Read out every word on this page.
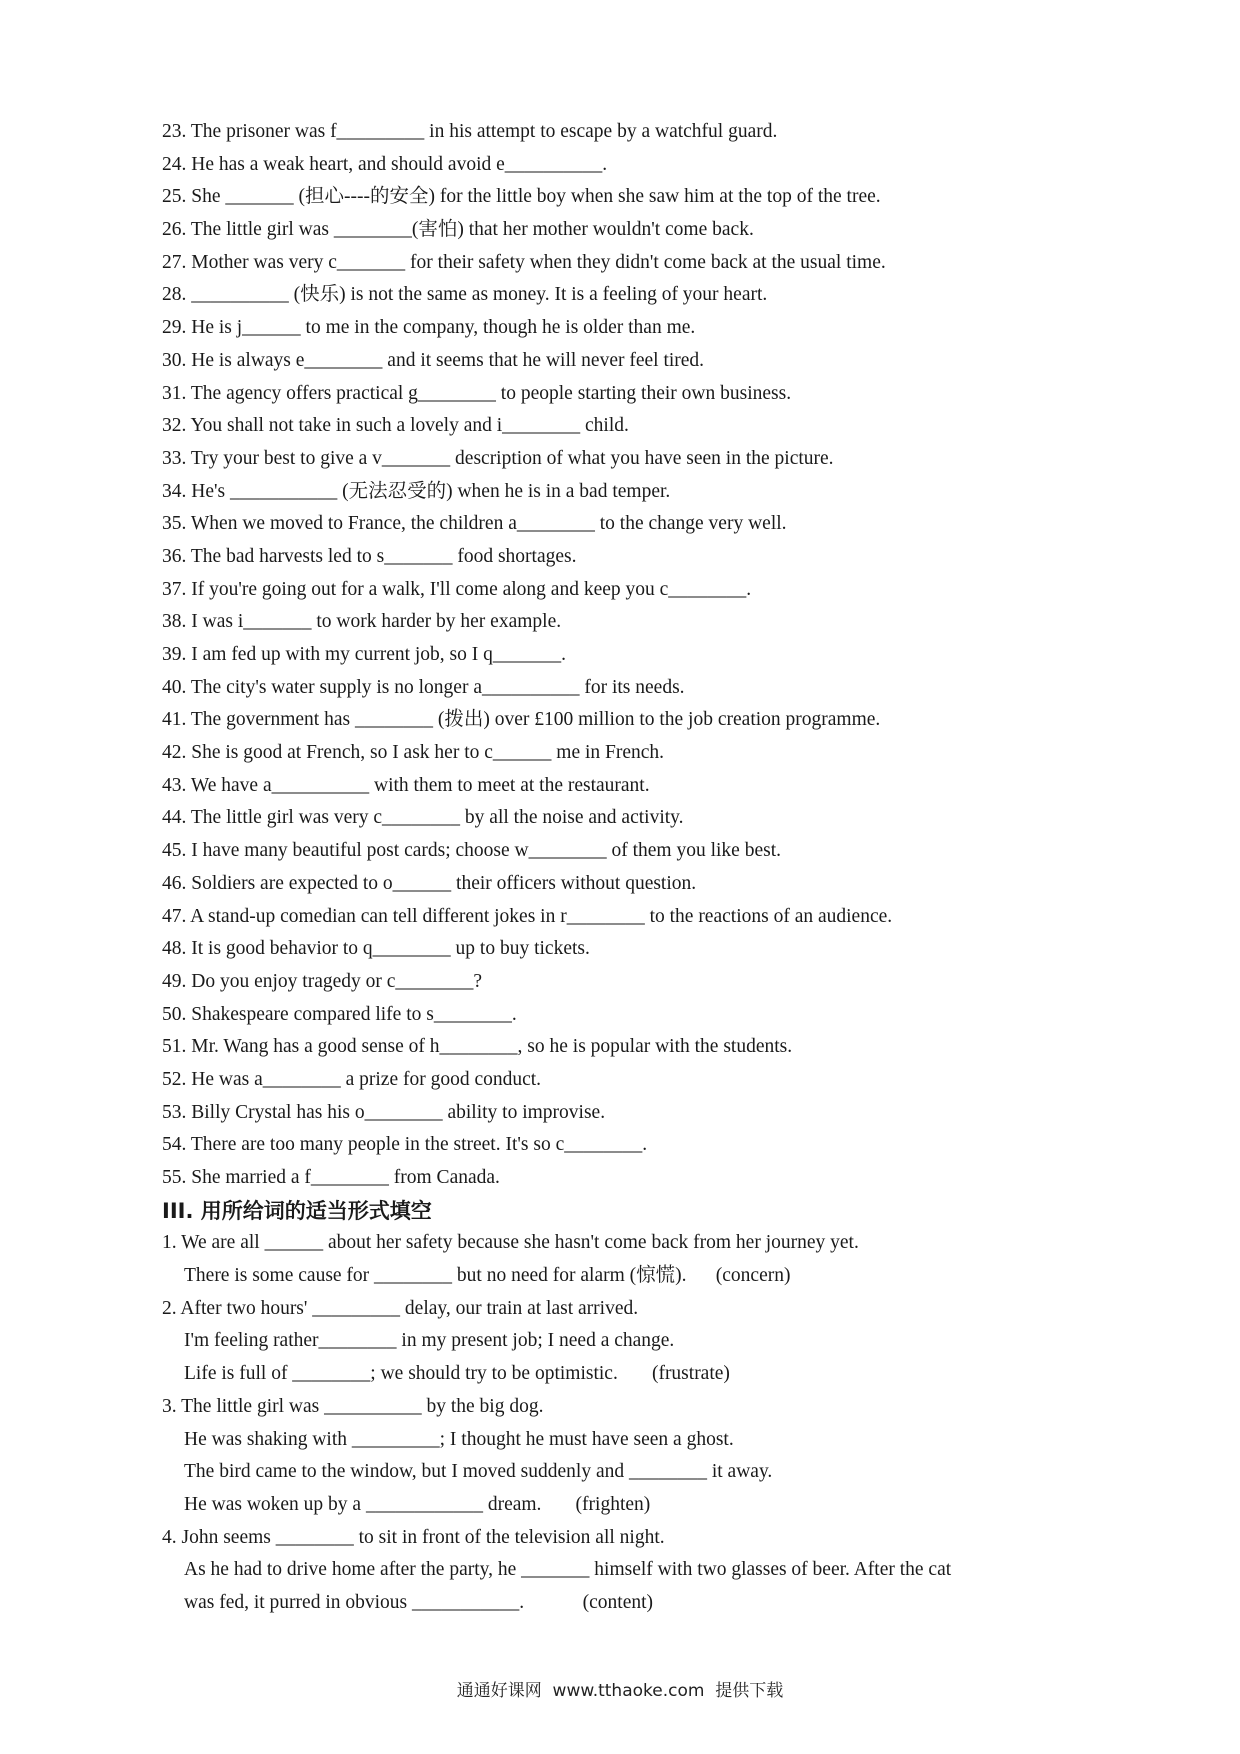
23. The prisoner was f_________ in his attempt to escape by a watchful guard.
24. He has a weak heart, and should avoid e__________.
25. She _______ (担心----的安全) for the little boy when she saw him at the top of the tree.
26. The little girl was ________(害怕) that her mother wouldn't come back.
27. Mother was very c_______ for their safety when they didn't come back at the usual time.
28. __________ (快乐) is not the same as money. It is a feeling of your heart.
29. He is j______ to me in the company, though he is older than me.
30. He is always e________ and it seems that he will never feel tired.
31. The agency offers practical g________ to people starting their own business.
32. You shall not take in such a lovely and i________ child.
33. Try your best to give a v_______ description of what you have seen in the picture.
34. He's ___________ (无法忍受的) when he is in a bad temper.
35. When we moved to France, the children a________ to the change very well.
36. The bad harvests led to s_______ food shortages.
37. If you're going out for a walk, I'll come along and keep you c________.
38. I was i_______ to work harder by her example.
39. I am fed up with my current job, so I q_______.
40. The city's water supply is no longer a__________ for its needs.
41. The government has ________ (拨出) over £100 million to the job creation programme.
42. She is good at French, so I ask her to c______ me in French.
43. We have a__________ with them to meet at the restaurant.
44. The little girl was very c________ by all the noise and activity.
45. I have many beautiful post cards; choose w________ of them you like best.
46. Soldiers are expected to o______ their officers without question.
47. A stand-up comedian can tell different jokes in r________ to the reactions of an audience.
48. It is good behavior to q________ up to buy tickets.
49. Do you enjoy tragedy or c________?
50. Shakespeare compared life to s________.
51. Mr. Wang has a good sense of h________, so he is popular with the students.
52. He was a________ a prize for good conduct.
53. Billy Crystal has his o________ ability to improvise.
54. There are too many people in the street. It's so c________.
55. She married a f________ from Canada.
III. 用所给词的适当形式填空
1. We are all ______ about her safety because she hasn't come back from her journey yet.
There is some cause for ________ but no need for alarm (惊慌).      (concern)
2. After two hours' _________ delay, our train at last arrived.
I'm feeling rather________ in my present job; I need a change.
Life is full of ________; we should try to be optimistic.       (frustrate)
3. The little girl was __________ by the big dog.
He was shaking with _________; I thought he must have seen a ghost.
The bird came to the window, but I moved suddenly and ________ it away.
He was woken up by a ____________ dream.       (frighten)
4. John seems ________ to sit in front of the television all night.
As he had to drive home after the party, he _______ himself with two glasses of beer. After the cat
was fed, it purred in obvious ___________.            (content)
通通好课网  www.tthaoke.com  提供下载
